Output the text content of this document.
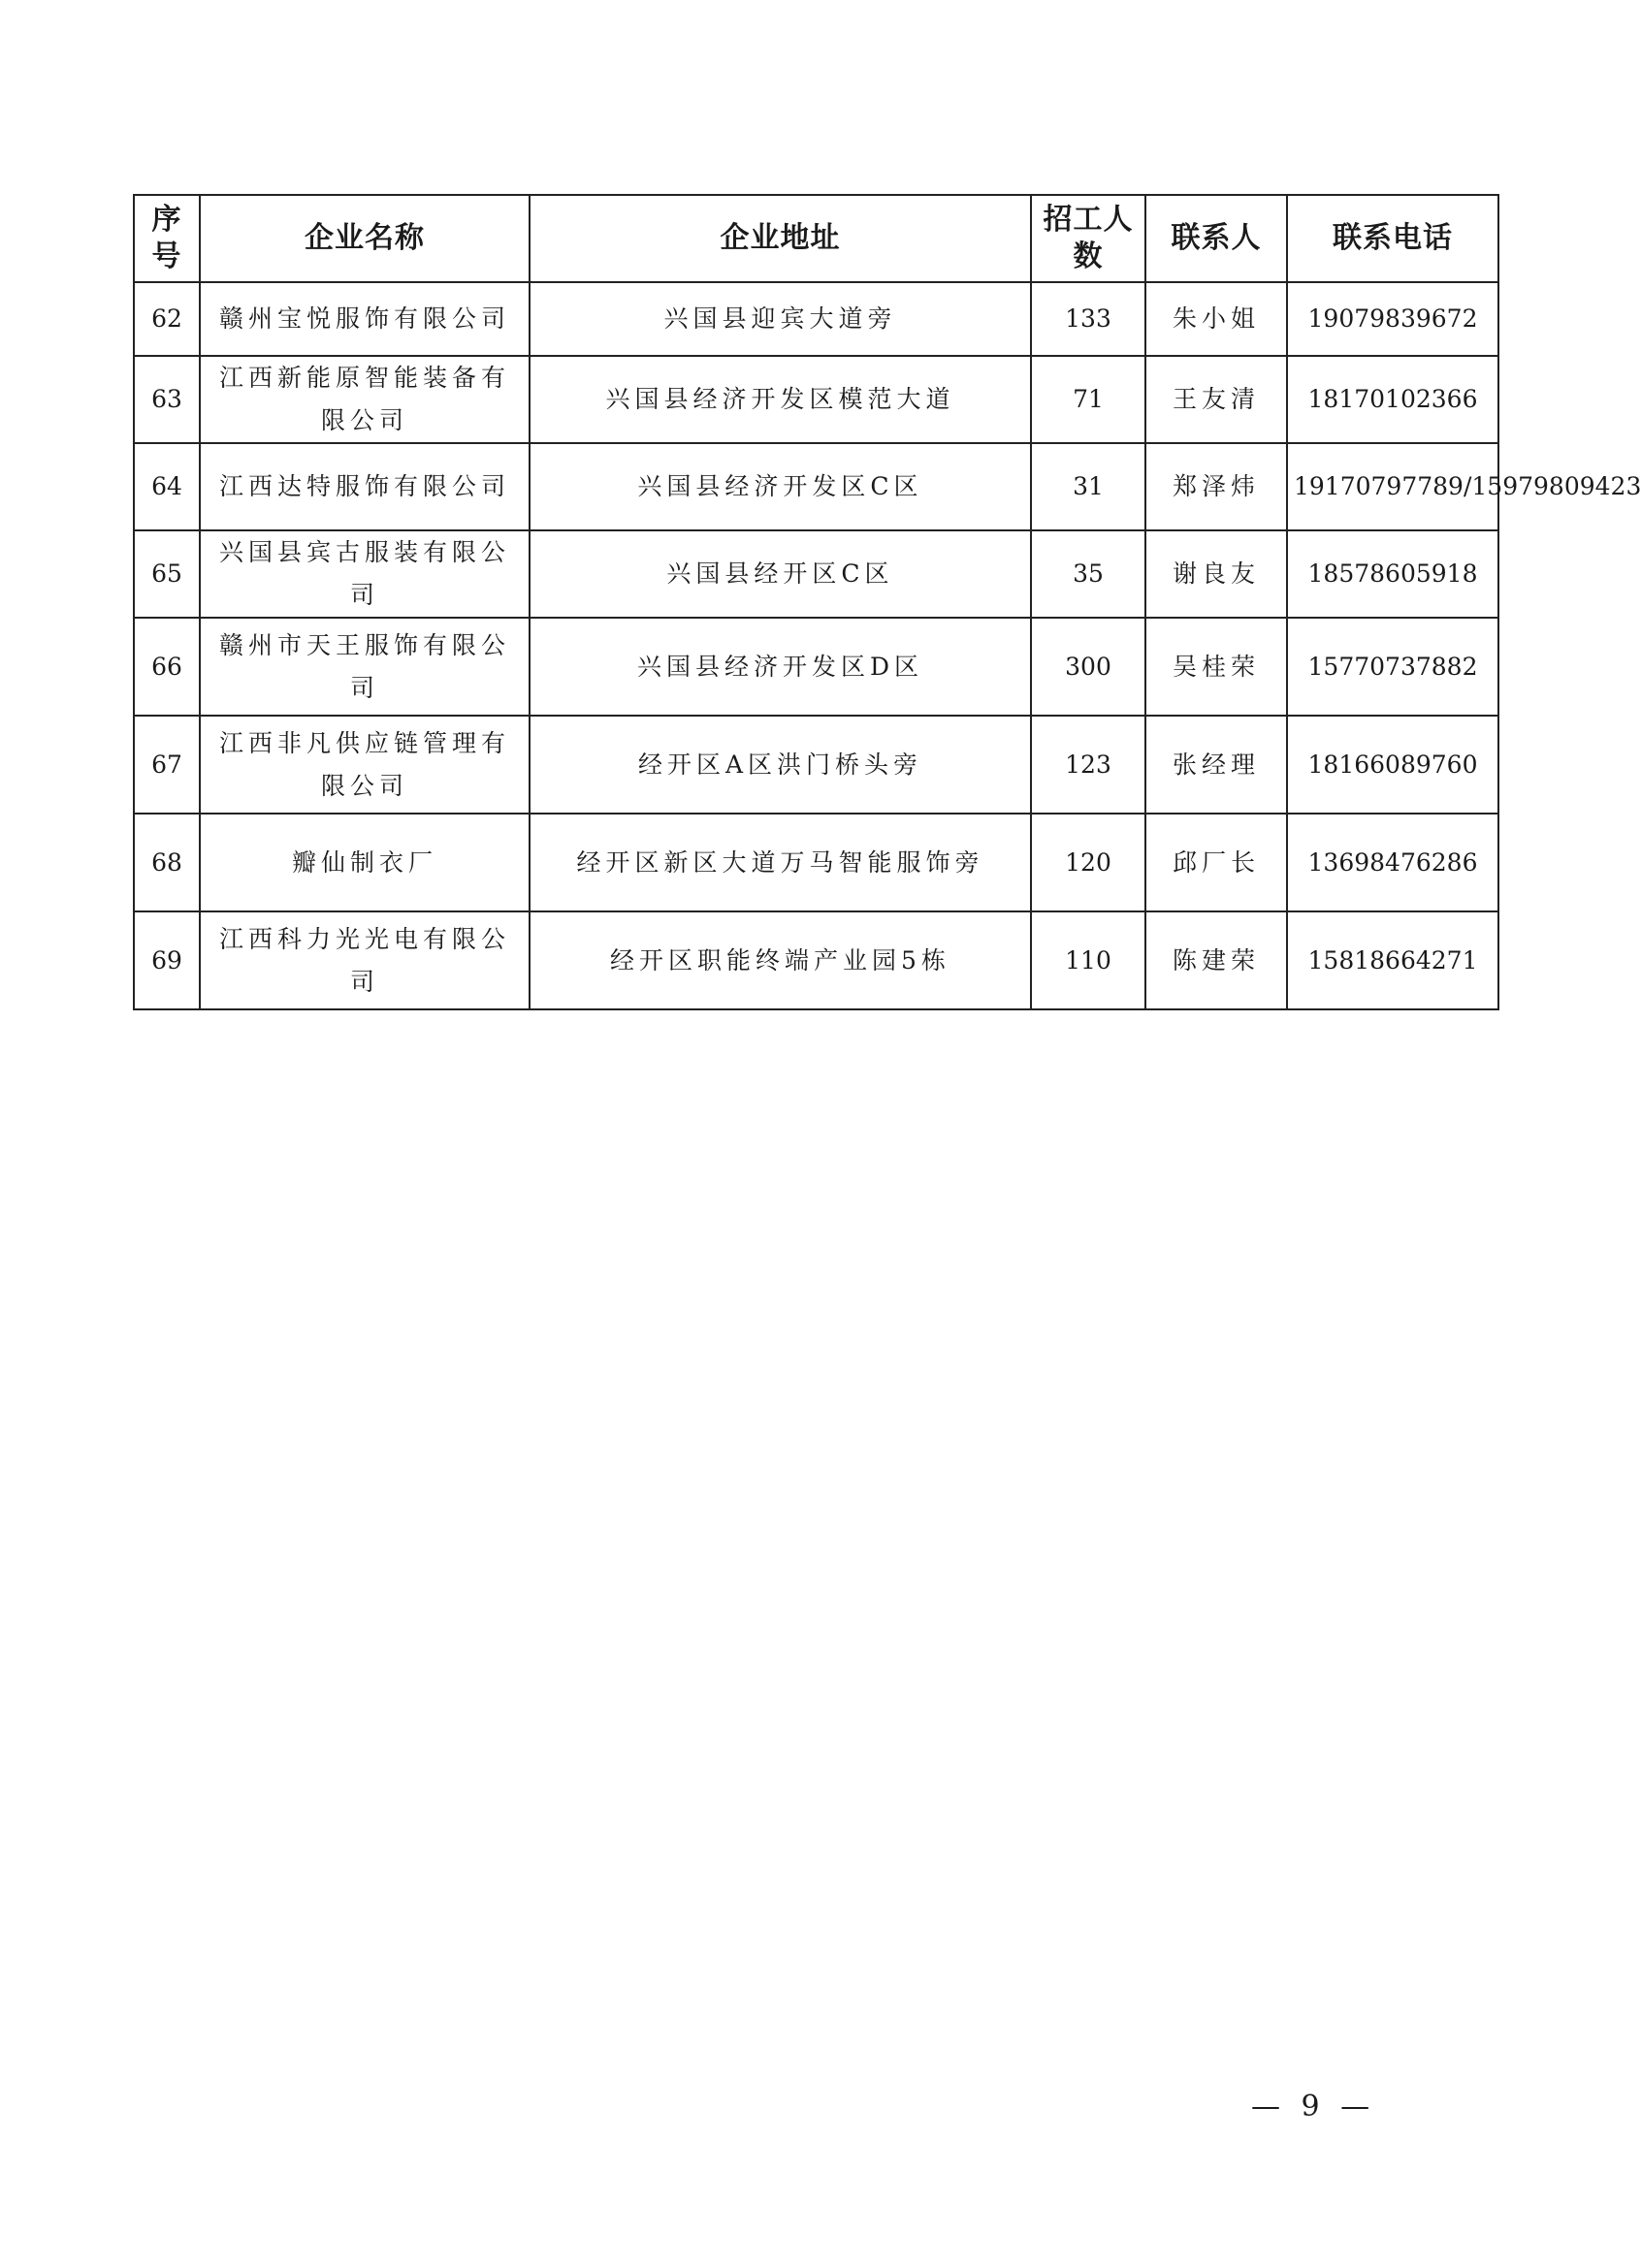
序号	企业名称	企业地址	招工人数	联系人	联系电话
62	赣州宝悦服饰有限公司	兴国县迎宾大道旁	133	朱小姐	19079839672
63	江西新能原智能装备有限公司	兴国县经济开发区模范大道	71	王友清	18170102366
64	江西达特服饰有限公司	兴国县经济开发区C区	31	郑泽炜	19170797789/15979809423
65	兴国县宾古服装有限公司	兴国县经开区C区	35	谢良友	18578605918
66	赣州市天王服饰有限公司	兴国县经济开发区D区	300	吴桂荣	15770737882
67	江西非凡供应链管理有限公司	经开区A区洪门桥头旁	123	张经理	18166089760
68	瓣仙制衣厂	经开区新区大道万马智能服饰旁	120	邱厂长	13698476286
69	江西科力光光电有限公司	经开区职能终端产业园5栋	110	陈建荣	15818664271
— 9 —
